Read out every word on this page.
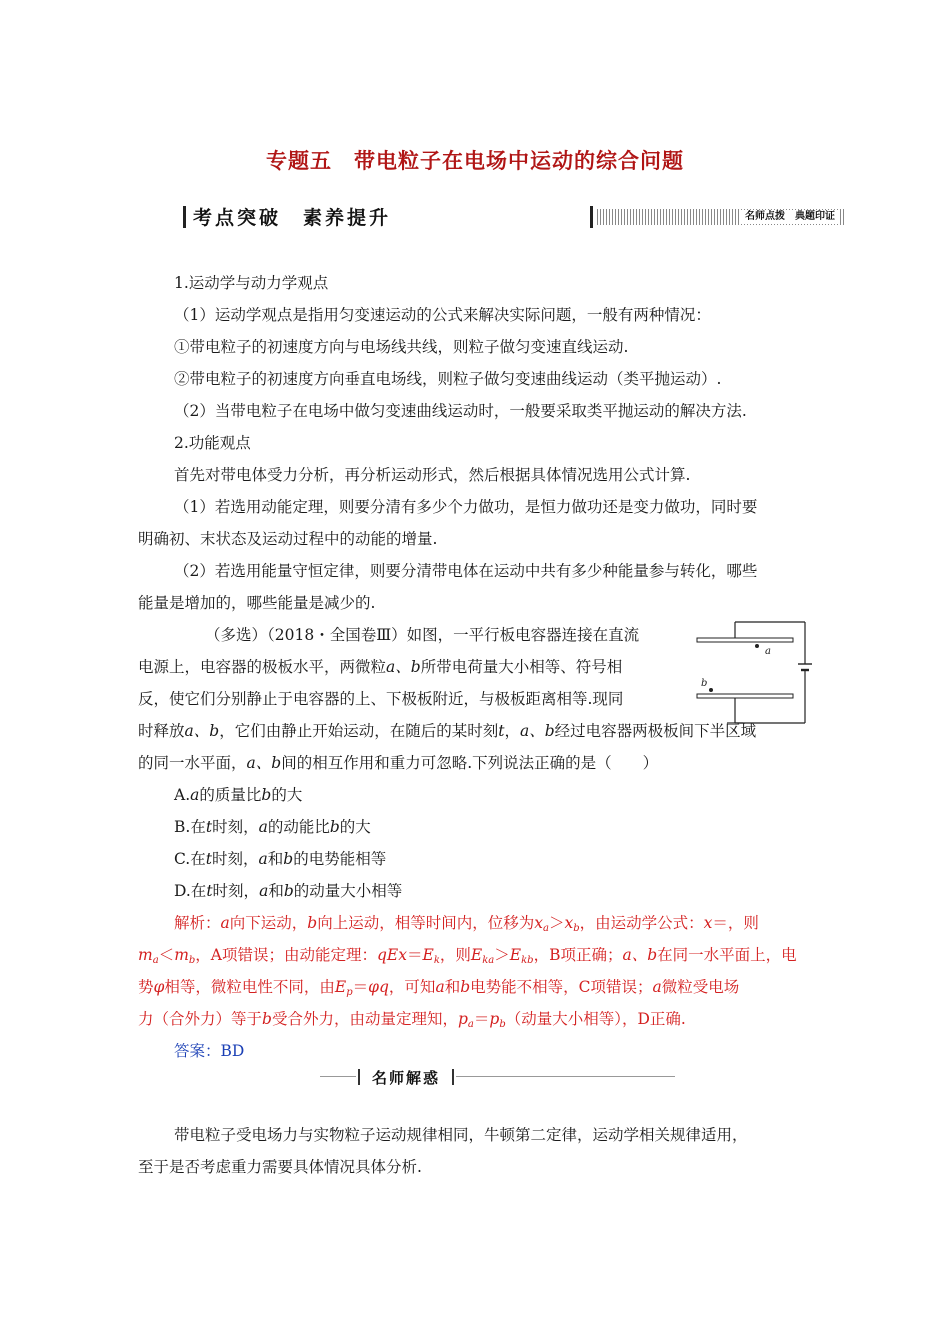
专题五　带电粒子在电场中运动的综合问题
考点突破　素养提升	名师点拨　典题印证
1.运动学与动力学观点
（1）运动学观点是指用匀变速运动的公式来解决实际问题，一般有两种情况：
①带电粒子的初速度方向与电场线共线，则粒子做匀变速直线运动.
②带电粒子的初速度方向垂直电场线，则粒子做匀变速曲线运动（类平抛运动）.
（2）当带电粒子在电场中做匀变速曲线运动时，一般要采取类平抛运动的解决方法.
2.功能观点
首先对带电体受力分析，再分析运动形式，然后根据具体情况选用公式计算.
（1）若选用动能定理，则要分清有多少个力做功，是恒力做功还是变力做功，同时要
明确初、末状态及运动过程中的动能的增量.
（2）若选用能量守恒定律，则要分清带电体在运动中共有多少种能量参与转化，哪些
能量是增加的，哪些能量是减少的.
（多选）（2018・全国卷Ⅲ）如图，一平行板电容器连接在直流
电源上，电容器的极板水平，两微粒a、b所带电荷量大小相等、符号相
反，使它们分别静止于电容器的上、下极板附近，与极板距离相等.现同
时释放a、b，它们由静止开始运动，在随后的某时刻t，a、b经过电容器两极板间下半区域
的同一水平面，a、b间的相互作用和重力可忽略.下列说法正确的是（　　）
a
b
A.a的质量比b的大
B.在t时刻，a的动能比b的大
C.在t时刻，a和b的电势能相等
D.在t时刻，a和b的动量大小相等
解析：a向下运动，b向上运动，相等时间内，位移为$x_a>x_b$，由运动学公式：x＝，则
$m_a<m_b$，A项错误；由动能定理：$qEx=E_k$，则$E_{ka}>E_{kb}$，B项正确；a、b在同一水平面上，电
势φ相等，微粒电性不同，由$E_p=\varphi q$，可知a和b电势能不相等，C项错误；a微粒受电场
力（合外力）等于b受合外力，由动量定理知，$p_a=p_b$（动量大小相等），D正确.
答案：BD
名师解惑
带电粒子受电场力与实物粒子运动规律相同，牛顿第二定律，运动学相关规律适用，
至于是否考虑重力需要具体情况具体分析.
